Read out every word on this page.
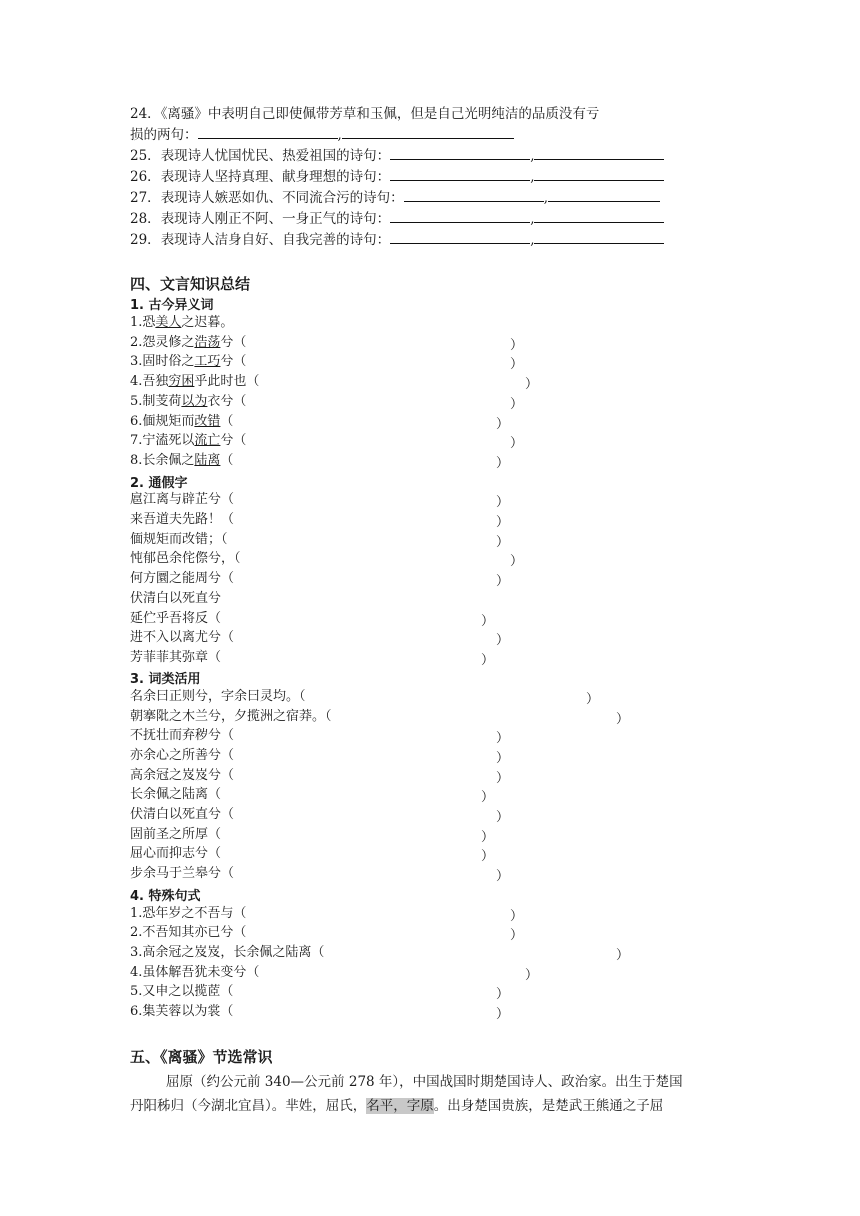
24．《离骚》中表明自己即使佩带芳草和玉佩，但是自己光明纯洁的品质没有亏
损的两句：	,
25．表现诗人忧国忧民、热爱祖国的诗句：	,
26．表现诗人坚持真理、献身理想的诗句：	,
27．表现诗人嫉恶如仇、不同流合污的诗句：	,
28．表现诗人刚正不阿、一身正气的诗句：	,
29．表现诗人洁身自好、自我完善的诗句：	,
四、文言知识总结
1. 古今异义词
1.恐美人之迟暮。
2.怨灵修之浩荡兮（	）
3.固时俗之工巧兮（	）
4.吾独穷困乎此时也（	）
5.制芰荷以为衣兮（	）
6.偭规矩而改错（	）
7.宁溘死以流亡兮（	）
8.长余佩之陆离（	）
2. 通假字
扈江离与辟芷兮（	）
来吾道夫先路！（	）
偭规矩而改错；（	）
忳郁邑余侘傺兮，（	）
何方圜之能周兮（	）
伏清白以死直兮
延伫乎吾将反（	）
进不入以离尤兮（	）
芳菲菲其弥章（	）
3. 词类活用
名余曰正则兮，字余曰灵均。（	）
朝搴阰之木兰兮，夕揽洲之宿莽。（	）
不抚壮而弃秽兮（	）
亦余心之所善兮（	）
高余冠之岌岌兮（	）
长余佩之陆离（	）
伏清白以死直兮（	）
固前圣之所厚（	）
屈心而抑志兮（	）
步余马于兰皋兮（	）
4. 特殊句式
1.恐年岁之不吾与（	）
2.不吾知其亦已兮（	）
3.高余冠之岌岌，长余佩之陆离（	）
4.虽体解吾犹未变兮（	）
5.又申之以揽茝（	）
6.集芙蓉以为裳（	）
五、《离骚》节选常识
屈原（约公元前 340—公元前 278 年），中国战国时期楚国诗人、政治家。出生于楚国
丹阳秭归（今湖北宜昌）。芈姓，屈氏，名平，字原。出身楚国贵族，是楚武王熊通之子屈
